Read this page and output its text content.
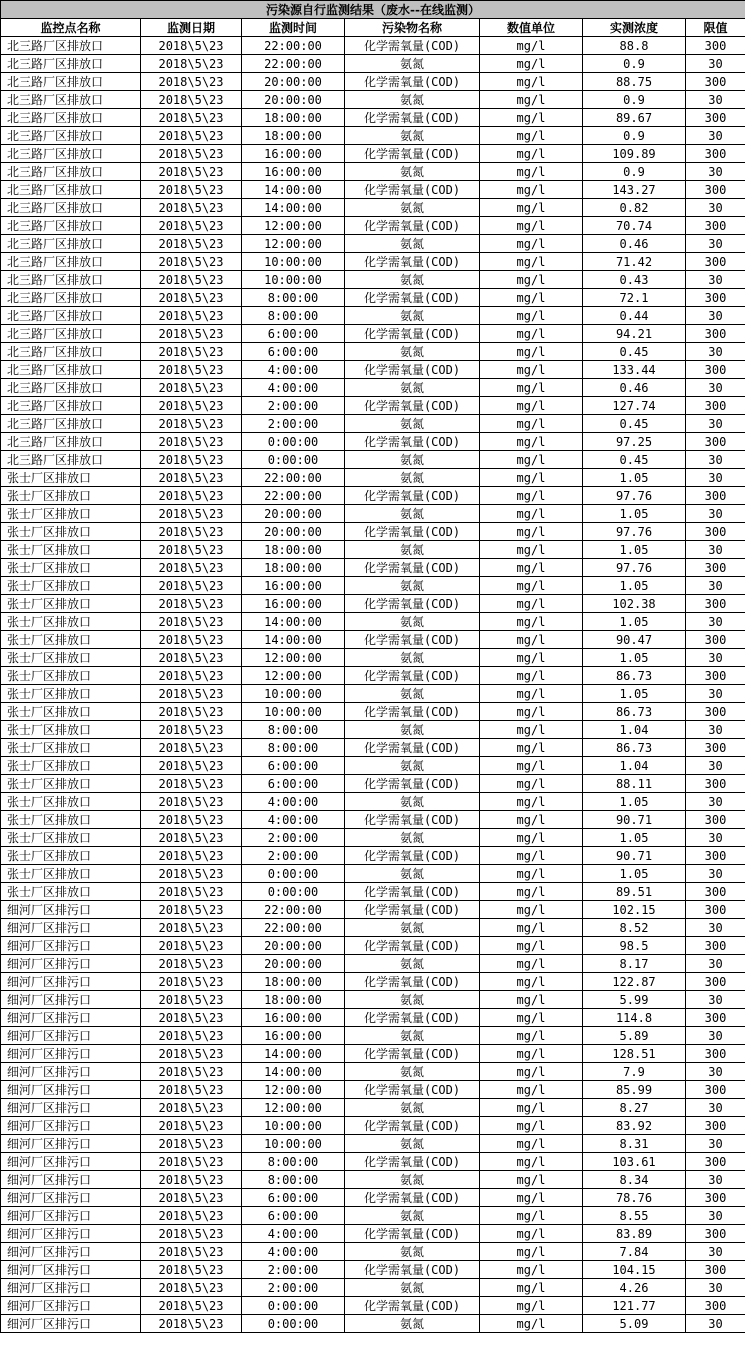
污染源自行监测结果（废水--在线监测）						
监控点名称	监测日期	监测时间	污染物名称	数值单位	实测浓度	限值
北三路厂区排放口	2018\5\23	22:00:00	化学需氧量(COD)	mg/l	88.8	300
北三路厂区排放口	2018\5\23	22:00:00	氨氮	mg/l	0.9	30
北三路厂区排放口	2018\5\23	20:00:00	化学需氧量(COD)	mg/l	88.75	300
北三路厂区排放口	2018\5\23	20:00:00	氨氮	mg/l	0.9	30
北三路厂区排放口	2018\5\23	18:00:00	化学需氧量(COD)	mg/l	89.67	300
北三路厂区排放口	2018\5\23	18:00:00	氨氮	mg/l	0.9	30
北三路厂区排放口	2018\5\23	16:00:00	化学需氧量(COD)	mg/l	109.89	300
北三路厂区排放口	2018\5\23	16:00:00	氨氮	mg/l	0.9	30
北三路厂区排放口	2018\5\23	14:00:00	化学需氧量(COD)	mg/l	143.27	300
北三路厂区排放口	2018\5\23	14:00:00	氨氮	mg/l	0.82	30
北三路厂区排放口	2018\5\23	12:00:00	化学需氧量(COD)	mg/l	70.74	300
北三路厂区排放口	2018\5\23	12:00:00	氨氮	mg/l	0.46	30
北三路厂区排放口	2018\5\23	10:00:00	化学需氧量(COD)	mg/l	71.42	300
北三路厂区排放口	2018\5\23	10:00:00	氨氮	mg/l	0.43	30
北三路厂区排放口	2018\5\23	8:00:00	化学需氧量(COD)	mg/l	72.1	300
北三路厂区排放口	2018\5\23	8:00:00	氨氮	mg/l	0.44	30
北三路厂区排放口	2018\5\23	6:00:00	化学需氧量(COD)	mg/l	94.21	300
北三路厂区排放口	2018\5\23	6:00:00	氨氮	mg/l	0.45	30
北三路厂区排放口	2018\5\23	4:00:00	化学需氧量(COD)	mg/l	133.44	300
北三路厂区排放口	2018\5\23	4:00:00	氨氮	mg/l	0.46	30
北三路厂区排放口	2018\5\23	2:00:00	化学需氧量(COD)	mg/l	127.74	300
北三路厂区排放口	2018\5\23	2:00:00	氨氮	mg/l	0.45	30
北三路厂区排放口	2018\5\23	0:00:00	化学需氧量(COD)	mg/l	97.25	300
北三路厂区排放口	2018\5\23	0:00:00	氨氮	mg/l	0.45	30
张士厂区排放口	2018\5\23	22:00:00	氨氮	mg/l	1.05	30
张士厂区排放口	2018\5\23	22:00:00	化学需氧量(COD)	mg/l	97.76	300
张士厂区排放口	2018\5\23	20:00:00	氨氮	mg/l	1.05	30
张士厂区排放口	2018\5\23	20:00:00	化学需氧量(COD)	mg/l	97.76	300
张士厂区排放口	2018\5\23	18:00:00	氨氮	mg/l	1.05	30
张士厂区排放口	2018\5\23	18:00:00	化学需氧量(COD)	mg/l	97.76	300
张士厂区排放口	2018\5\23	16:00:00	氨氮	mg/l	1.05	30
张士厂区排放口	2018\5\23	16:00:00	化学需氧量(COD)	mg/l	102.38	300
张士厂区排放口	2018\5\23	14:00:00	氨氮	mg/l	1.05	30
张士厂区排放口	2018\5\23	14:00:00	化学需氧量(COD)	mg/l	90.47	300
张士厂区排放口	2018\5\23	12:00:00	氨氮	mg/l	1.05	30
张士厂区排放口	2018\5\23	12:00:00	化学需氧量(COD)	mg/l	86.73	300
张士厂区排放口	2018\5\23	10:00:00	氨氮	mg/l	1.05	30
张士厂区排放口	2018\5\23	10:00:00	化学需氧量(COD)	mg/l	86.73	300
张士厂区排放口	2018\5\23	8:00:00	氨氮	mg/l	1.04	30
张士厂区排放口	2018\5\23	8:00:00	化学需氧量(COD)	mg/l	86.73	300
张士厂区排放口	2018\5\23	6:00:00	氨氮	mg/l	1.04	30
张士厂区排放口	2018\5\23	6:00:00	化学需氧量(COD)	mg/l	88.11	300
张士厂区排放口	2018\5\23	4:00:00	氨氮	mg/l	1.05	30
张士厂区排放口	2018\5\23	4:00:00	化学需氧量(COD)	mg/l	90.71	300
张士厂区排放口	2018\5\23	2:00:00	氨氮	mg/l	1.05	30
张士厂区排放口	2018\5\23	2:00:00	化学需氧量(COD)	mg/l	90.71	300
张士厂区排放口	2018\5\23	0:00:00	氨氮	mg/l	1.05	30
张士厂区排放口	2018\5\23	0:00:00	化学需氧量(COD)	mg/l	89.51	300
细河厂区排污口	2018\5\23	22:00:00	化学需氧量(COD)	mg/l	102.15	300
细河厂区排污口	2018\5\23	22:00:00	氨氮	mg/l	8.52	30
细河厂区排污口	2018\5\23	20:00:00	化学需氧量(COD)	mg/l	98.5	300
细河厂区排污口	2018\5\23	20:00:00	氨氮	mg/l	8.17	30
细河厂区排污口	2018\5\23	18:00:00	化学需氧量(COD)	mg/l	122.87	300
细河厂区排污口	2018\5\23	18:00:00	氨氮	mg/l	5.99	30
细河厂区排污口	2018\5\23	16:00:00	化学需氧量(COD)	mg/l	114.8	300
细河厂区排污口	2018\5\23	16:00:00	氨氮	mg/l	5.89	30
细河厂区排污口	2018\5\23	14:00:00	化学需氧量(COD)	mg/l	128.51	300
细河厂区排污口	2018\5\23	14:00:00	氨氮	mg/l	7.9	30
细河厂区排污口	2018\5\23	12:00:00	化学需氧量(COD)	mg/l	85.99	300
细河厂区排污口	2018\5\23	12:00:00	氨氮	mg/l	8.27	30
细河厂区排污口	2018\5\23	10:00:00	化学需氧量(COD)	mg/l	83.92	300
细河厂区排污口	2018\5\23	10:00:00	氨氮	mg/l	8.31	30
细河厂区排污口	2018\5\23	8:00:00	化学需氧量(COD)	mg/l	103.61	300
细河厂区排污口	2018\5\23	8:00:00	氨氮	mg/l	8.34	30
细河厂区排污口	2018\5\23	6:00:00	化学需氧量(COD)	mg/l	78.76	300
细河厂区排污口	2018\5\23	6:00:00	氨氮	mg/l	8.55	30
细河厂区排污口	2018\5\23	4:00:00	化学需氧量(COD)	mg/l	83.89	300
细河厂区排污口	2018\5\23	4:00:00	氨氮	mg/l	7.84	30
细河厂区排污口	2018\5\23	2:00:00	化学需氧量(COD)	mg/l	104.15	300
细河厂区排污口	2018\5\23	2:00:00	氨氮	mg/l	4.26	30
细河厂区排污口	2018\5\23	0:00:00	化学需氧量(COD)	mg/l	121.77	300
细河厂区排污口	2018\5\23	0:00:00	氨氮	mg/l	5.09	30
